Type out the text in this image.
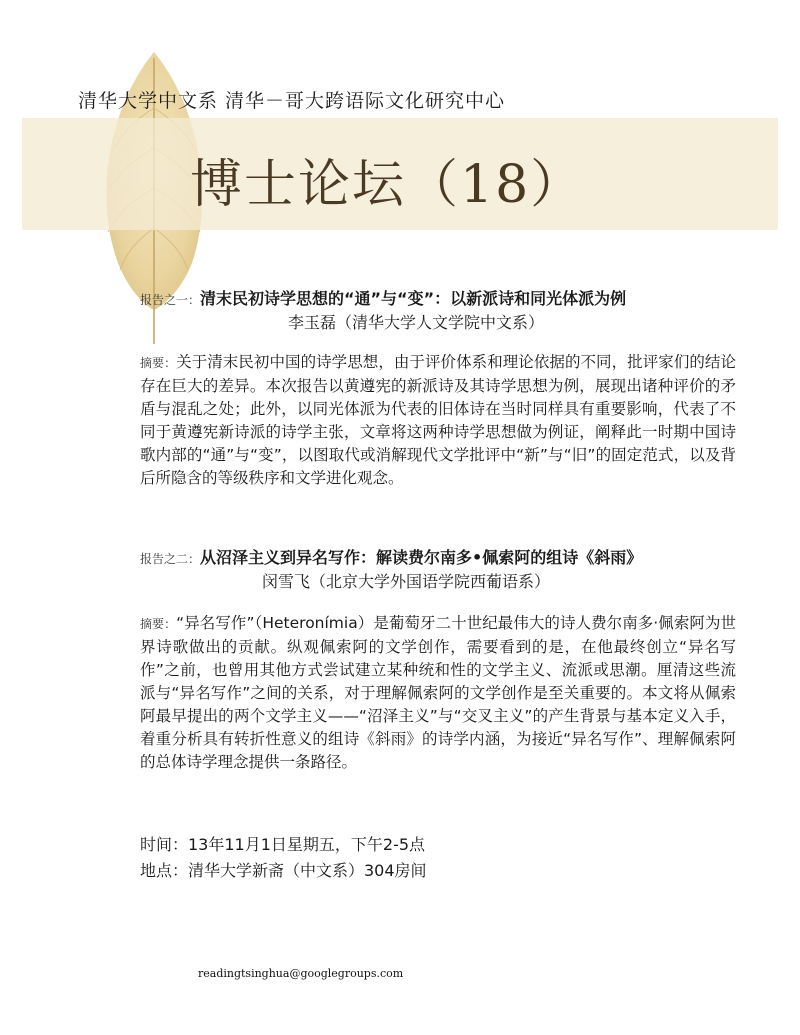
清华大学中文系 清华－哥大跨语际文化研究中心
博士论坛（18）
报告之一：清末民初诗学思想的“通”与“变”：以新派诗和同光体派为例
李玉磊（清华大学人文学院中文系）
摘要：关于清末民初中国的诗学思想，由于评价体系和理论依据的不同，批评家们的结论存在巨大的差异。本次报告以黄遵宪的新派诗及其诗学思想为例，展现出诸种评价的矛盾与混乱之处；此外，以同光体派为代表的旧体诗在当时同样具有重要影响，代表了不同于黄遵宪新诗派的诗学主张，文章将这两种诗学思想做为例证，阐释此一时期中国诗歌内部的“通”与“变”，以图取代或消解现代文学批评中“新”与“旧”的固定范式，以及背后所隐含的等级秩序和文学进化观念。
报告之二：从沼泽主义到异名写作：解读费尔南多•佩索阿的组诗《斜雨》
闵雪飞（北京大学外国语学院西葡语系）
摘要：“异名写作”（Heteronímia）是葡萄牙二十世纪最伟大的诗人费尔南多·佩索阿为世界诗歌做出的贡献。纵观佩索阿的文学创作，需要看到的是，在他最终创立“异名写作”之前，也曾用其他方式尝试建立某种统和性的文学主义、流派或思潮。厘清这些流派与“异名写作”之间的关系，对于理解佩索阿的文学创作是至关重要的。本文将从佩索阿最早提出的两个文学主义——“沼泽主义”与“交叉主义”的产生背景与基本定义入手，着重分析具有转折性意义的组诗《斜雨》的诗学内涵，为接近“异名写作”、理解佩索阿的总体诗学理念提供一条路径。
时间：13年11月1日星期五，下午2-5点
地点：清华大学新斋（中文系）304房间
readingtsinghua@googlegroups.com
